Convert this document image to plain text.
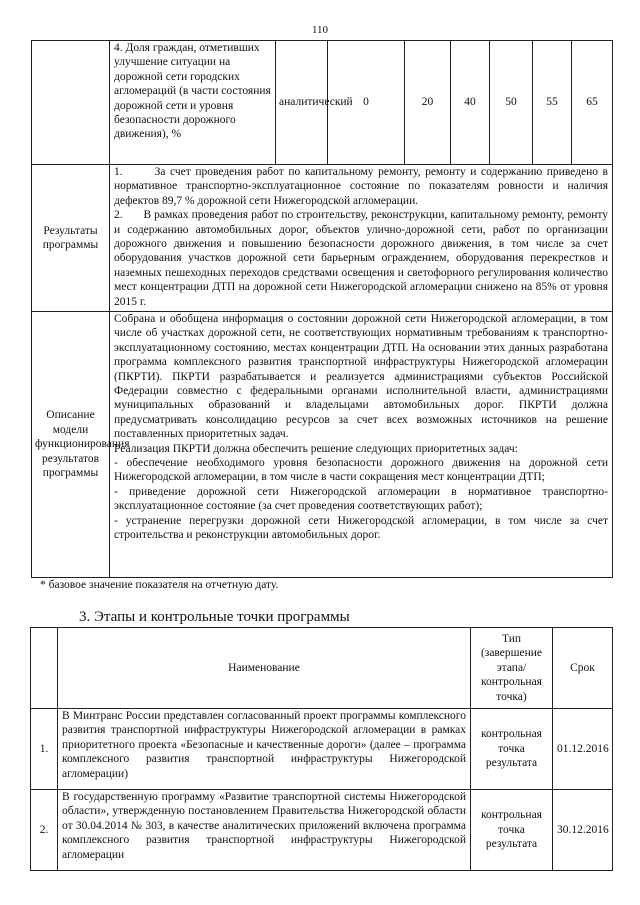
110
	4. Доля граждан, отметивших улучшение ситуации на дорожной сети городских агломераций (в части состояния дорожной сети и уровня безопасности дорожного движения), %	аналитический	0	20	40	50	55	65
Результаты программы	1.       За счет проведения работ по капитальному ремонту, ремонту и содержанию приведено в нормативное транспортно-эксплуатационное состояние по показателям ровности и наличия дефектов 89,7 % дорожной сети Нижегородской агломерации.
2.       В рамках проведения работ по строительству, реконструкции, капитальному ремонту, ремонту и содержанию автомобильных дорог, объектов улично-дорожной сети, работ по организации дорожного движения и повышению безопасности дорожного движения, в том числе за счет оборудования участков дорожной сети барьерным ограждением, оборудования перекрестков и наземных пешеходных переходов средствами освещения и светофорного регулирования количество мест концентрации ДТП на дорожной сети Нижегородской агломерации снижено на 85% от уровня 2015 г.							

Описание модели функционирования результатов программы	Собрана и обобщена информация о состоянии дорожной сети Нижегородской агломерации, в том числе об участках дорожной сети, не соответствующих нормативным требованиям к транспортно-эксплуатационному состоянию, местах концентрации ДТП. На основании этих данных разработана программа комплексного развития транспортной инфраструктуры Нижегородской агломерации (ПКРТИ). ПКРТИ разрабатывается и реализуется администрациями субъектов Российской Федерации совместно с федеральными органами исполнительной власти, администрациями муниципальных образований и владельцами автомобильных дорог. ПКРТИ должна предусматривать консолидацию ресурсов за счет всех возможных источников на решение поставленных приоритетных задач.
Реализация ПКРТИ должна обеспечить решение следующих приоритетных задач:
- обеспечение необходимого уровня безопасности дорожного движения на дорожной сети Нижегородской агломерации, в том числе в части сокращения мест концентрации ДТП;
- приведение дорожной сети Нижегородской агломерации в нормативное транспортно-эксплуатационное состояние (за счет проведения соответствующих работ);
- устранение перегрузки дорожной сети Нижегородской агломерации, в том числе за счет строительства и реконструкции автомобильных дорог.							
* базовое значение показателя на отчетную дату.
3. Этапы и контрольные точки программы
	Наименование	Тип (завершение этапа/ контрольная точка)	Срок
1.	В Минтранс России представлен согласованный проект программы комплексного развития транспортной инфраструктуры Нижегородской агломерации в рамках приоритетного проекта «Безопасные и качественные дороги» (далее – программа комплексного развития транспортной инфраструктуры Нижегородской агломерации)	контрольная точка результата	01.12.2016
2.	В государственную программу «Развитие транспортной системы Нижегородской области», утвержденную постановлением Правительства Нижегородской области от 30.04.2014 № 303, в качестве аналитических приложений включена программа комплексного развития транспортной инфраструктуры Нижегородской агломерации	контрольная точка результата	30.12.2016
